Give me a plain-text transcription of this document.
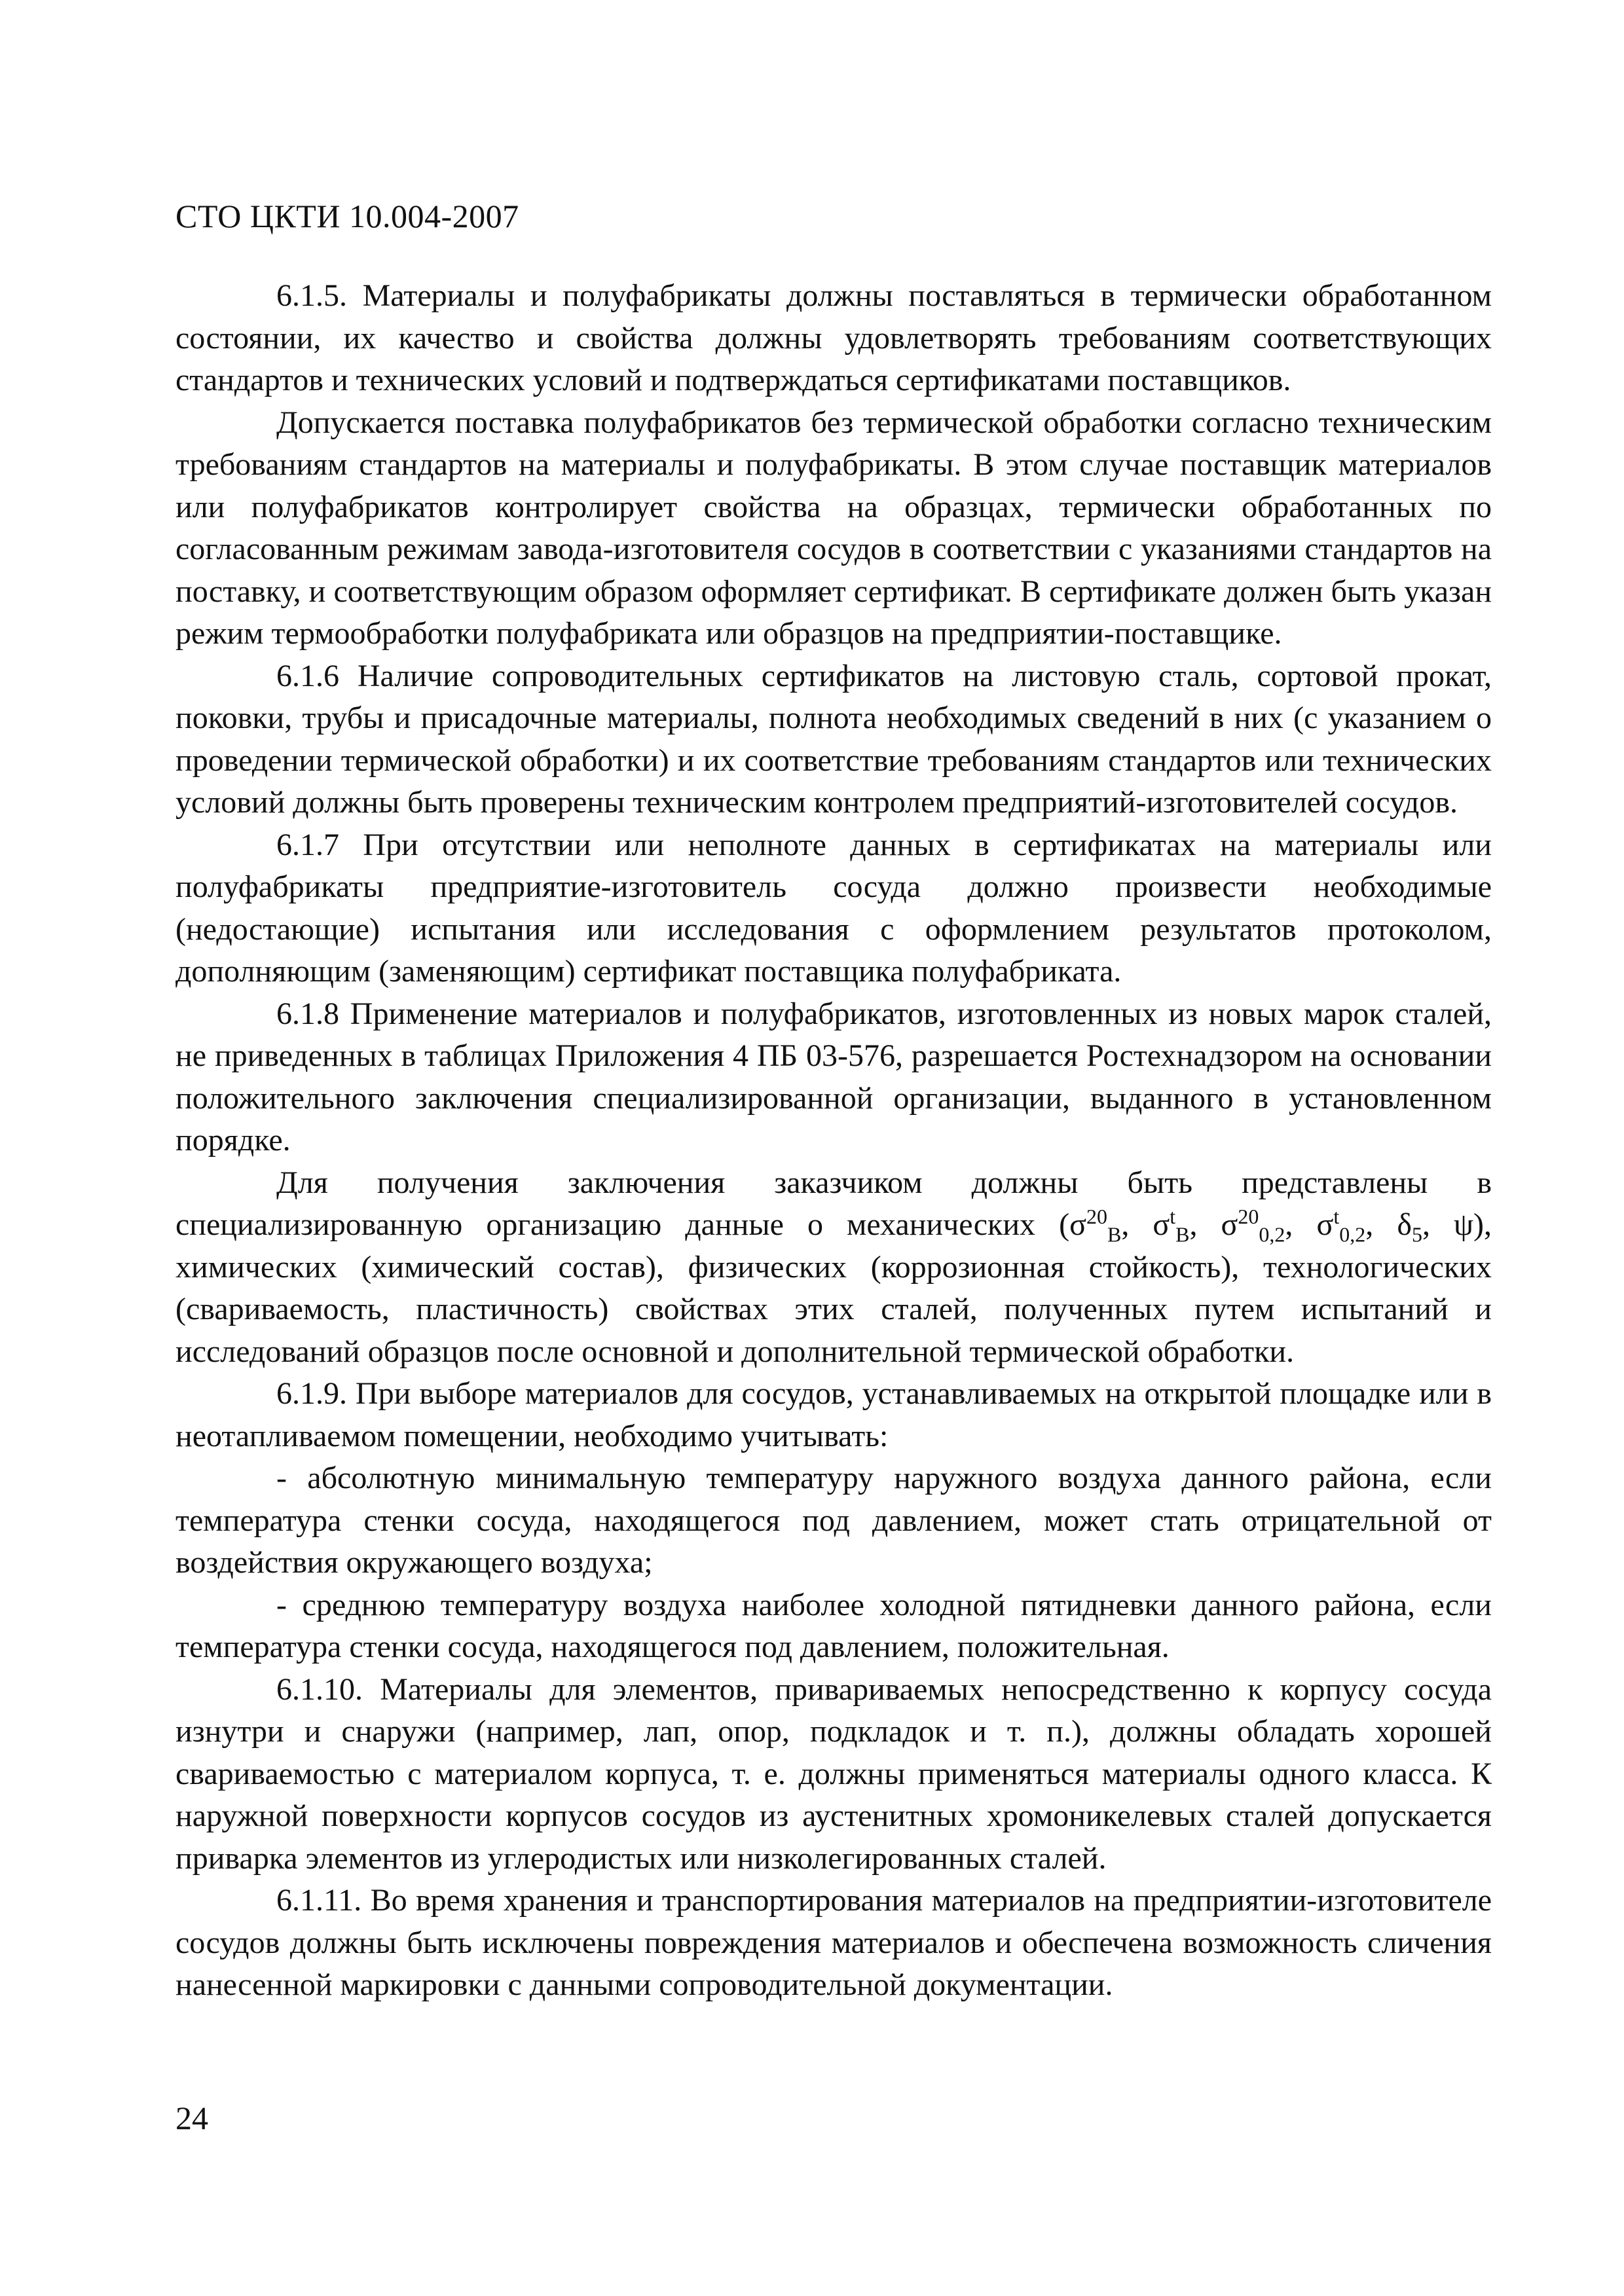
СТО ЦКТИ 10.004-2007

6.1.5. Материалы и полуфабрикаты должны поставляться в термически обработанном состоянии, их качество и свойства должны удовлетворять требованиям соответствующих стандартов и технических условий и подтверждаться сертификатами поставщиков.

Допускается поставка полуфабрикатов без термической обработки согласно техническим требованиям стандартов на материалы и полуфабрикаты. В этом случае поставщик материалов или полуфабрикатов контролирует свойства на образцах, термически обработанных по согласованным режимам завода-изготовителя сосудов в соответствии с указаниями стандартов на поставку, и соответствующим образом оформляет сертификат. В сертификате должен быть указан режим термообработки полуфабриката или образцов на предприятии-поставщике.

6.1.6 Наличие сопроводительных сертификатов на листовую сталь, сортовой прокат, поковки, трубы и присадочные материалы, полнота необходимых сведений в них (с указанием о проведении термической обработки) и их соответствие требованиям стандартов или технических условий должны быть проверены техническим контролем предприятий-изготовителей сосудов.

6.1.7 При отсутствии или неполноте данных в сертификатах на материалы или полуфабрикаты предприятие-изготовитель сосуда должно произвести необходимые (недостающие) испытания или исследования с оформлением результатов протоколом, дополняющим (заменяющим) сертификат поставщика полуфабриката.

6.1.8 Применение материалов и полуфабрикатов, изготовленных из новых марок сталей, не приведенных в таблицах Приложения 4 ПБ 03-576, разрешается Ростехнадзором на основании положительного заключения специализированной организации, выданного в установленном порядке.

Для получения заключения заказчиком должны быть представлены в специализированную организацию данные о механических ($\sigma^{20}_В$, $\sigma^t_В$, $\sigma^{20}_{0,2}$, $\sigma^t_{0,2}$, $\delta_5$, ψ), химических (химический состав), физических (коррозионная стойкость), технологических (свариваемость, пластичность) свойствах этих сталей, полученных путем испытаний и исследований образцов после основной и дополнительной термической обработки.

6.1.9. При выборе материалов для сосудов, устанавливаемых на открытой площадке или в неотапливаемом помещении, необходимо учитывать:

- абсолютную минимальную температуру наружного воздуха данного района, если температура стенки сосуда, находящегося под давлением, может стать отрицательной от воздействия окружающего воздуха;

- среднюю температуру воздуха наиболее холодной пятидневки данного района, если температура стенки сосуда, находящегося под давлением, положительная.

6.1.10. Материалы для элементов, привариваемых непосредственно к корпусу сосуда изнутри и снаружи (например, лап, опор, подкладок и т. п.), должны обладать хорошей свариваемостью с материалом корпуса, т. е. должны применяться материалы одного класса. К наружной поверхности корпусов сосудов из аустенитных хромоникелевых сталей допускается приварка элементов из углеродистых или низколегированных сталей.

6.1.11. Во время хранения и транспортирования материалов на предприятии-изготовителе сосудов должны быть исключены повреждения материалов и обеспечена возможность сличения нанесенной маркировки с данными сопроводительной документации.

24
